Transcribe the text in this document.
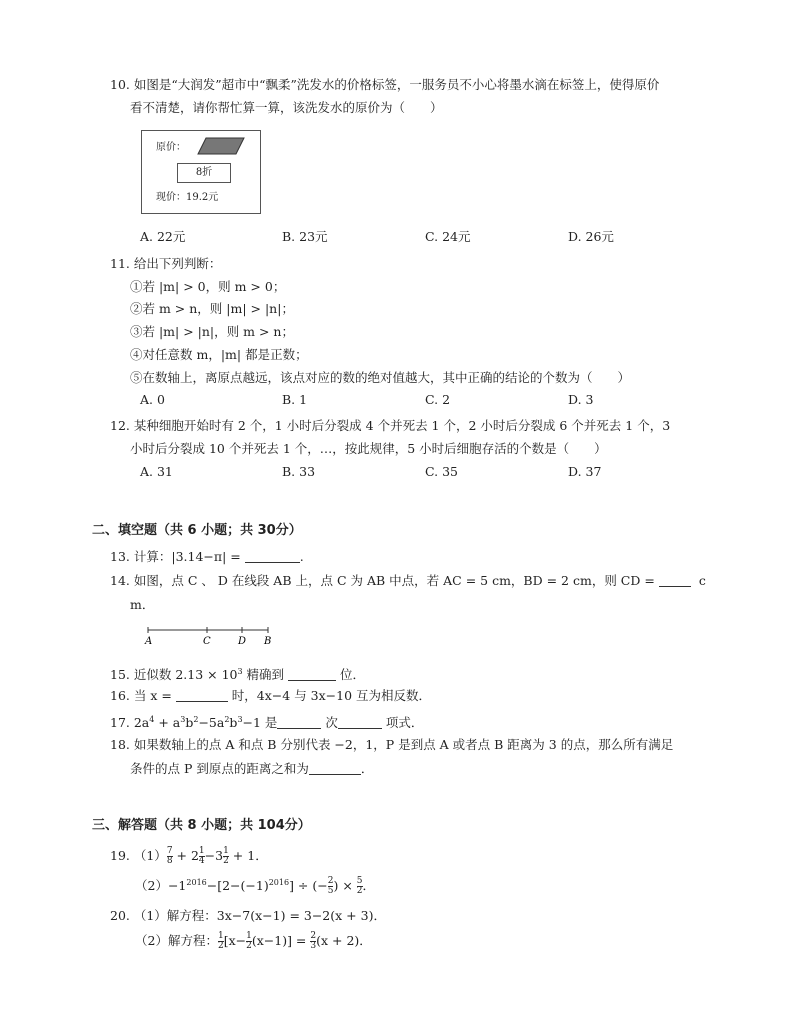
10. 如图是“大润发”超市中“飘柔”洗发水的价格标签，一服务员不小心将墨水滴在标签上，使得原价
看不清楚，请你帮忙算一算，该洗发水的原价为（　　）
原价：
8折
现价：19.2元
A. 22元	B. 23元	C. 24元	D. 26元
11. 给出下列判断：
①若 |m| > 0，则 m > 0；
②若 m > n，则 |m| > |n|；
③若 |m| > |n|，则 m > n；
④对任意数 m，|m| 都是正数；
⑤在数轴上，离原点越远，该点对应的数的绝对值越大，其中正确的结论的个数为（　　）
A. 0	B. 1	C. 2	D. 3
12. 某种细胞开始时有 2 个，1 小时后分裂成 4 个并死去 1 个，2 小时后分裂成 6 个并死去 1 个，3
小时后分裂成 10 个并死去 1 个，…，按此规律，5 小时后细胞存活的个数是（　　）
A. 31	B. 33	C. 35	D. 37
二、填空题（共 6 小题；共 30分）
13. 计算：|3.14−π| =	.
14. 如图，点 C 、 D 在线段 AB 上，点 C 为 AB 中点，若 AC = 5 cm，BD = 2 cm，则 CD =	c
m．
A	C	D B
15. 近似数 $2.13 \times 10^3$ 精确到	位．
16. 当 x =	时，4x−4 与 3x−10 互为相反数．
17. $2a^4 + a^3b^2-5a^2b^3-1$ 是	次	项式．
18. 如果数轴上的点 A 和点 B 分别代表 −2，1，P 是到点 A 或者点 B 距离为 3 的点，那么所有满足
条件的点 P 到原点的距离之和为	．
三、解答题（共 8 小题；共 104分）
19. $(1) \frac{7}{8} + 2 \frac{1}{4} -3 \frac{1}{2} + 1$．
$(2)-1^{2016}-[2-(-1)^{2016}]$ ÷ (− $\frac{2}{5}$ ) × $\frac{5}{2}$ ．
20. （1）解方程：3x−7(x−1) = 3−2(x + 3)．
（2）解方程： $\frac{1}{2} [x- \frac{1}{2} (x-1)] = \frac{2}{3} (x + 2)$．
